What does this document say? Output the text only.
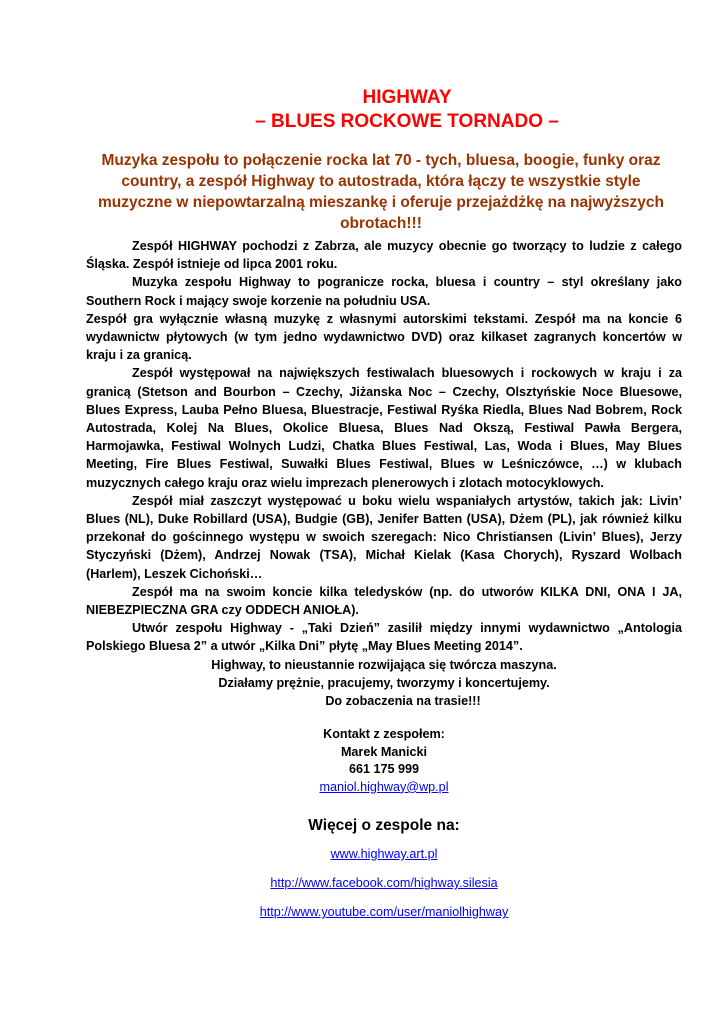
HIGHWAY

– BLUES ROCKOWE TORNADO –

Muzyka zespołu to połączenie rocka lat 70 - tych, bluesa, boogie, funky oraz country, a zespół Highway to autostrada, która łączy te wszystkie style muzyczne w niepowtarzalną mieszankę i oferuje przejażdżkę na najwyższych obrotach!!!

Zespół HIGHWAY pochodzi z Zabrza, ale muzycy obecnie go tworzący to ludzie z całego Śląska. Zespół istnieje od lipca 2001 roku.

Muzyka zespołu Highway to pogranicze rocka, bluesa i country – styl określany jako Southern Rock i mający swoje korzenie na południu USA.

Zespół gra wyłącznie własną muzykę z własnymi autorskimi tekstami. Zespół ma na koncie 6 wydawnictw płytowych (w tym jedno wydawnictwo DVD) oraz kilkaset zagranych koncertów w kraju i za granicą.

Zespół występował na największych festiwalach bluesowych i rockowych w kraju i za granicą (Stetson and Bourbon – Czechy, Jiżanska Noc – Czechy, Olsztyńskie Noce Bluesowe, Blues Express, Lauba Pełno Bluesa, Bluestracje, Festiwal Ryśka Riedla, Blues Nad Bobrem, Rock Autostrada, Kolej Na Blues, Okolice Bluesa, Blues Nad Okszą, Festiwal Pawła Bergera, Harmojawka, Festiwal Wolnych Ludzi, Chatka Blues Festiwal, Las, Woda i Blues, May Blues Meeting, Fire Blues Festiwal, Suwałki Blues Festiwal, Blues w Leśniczówce, …) w klubach muzycznych całego kraju oraz wielu imprezach plenerowych i zlotach motocyklowych.

Zespół miał zaszczyt występować u boku wielu wspaniałych artystów, takich jak: Livin’ Blues (NL), Duke Robillard (USA), Budgie (GB), Jenifer Batten (USA), Dżem (PL), jak również kilku przekonał do gościnnego występu w swoich szeregach: Nico Christiansen (Livin’ Blues), Jerzy Styczyński (Dżem), Andrzej Nowak (TSA), Michał Kielak (Kasa Chorych), Ryszard Wolbach (Harlem), Leszek Cichoński…

Zespół ma na swoim koncie kilka teledysków (np. do utworów KILKA DNI, ONA I JA, NIEBEZPIECZNA GRA czy ODDECH ANIOŁA).

Utwór zespołu Highway - „Taki Dzień” zasilił między innymi wydawnictwo „Antologia Polskiego Bluesa 2” a utwór „Kilka Dni” płytę „May Blues Meeting 2014”.

Highway, to nieustannie rozwijająca się twórcza maszyna.

Działamy prężnie, pracujemy, tworzymy i koncertujemy.

Do zobaczenia na trasie!!!

Kontakt z zespołem:

Marek Manicki

661 175 999

maniol.highway@wp.pl

Więcej o zespole na:

www.highway.art.pl

http://www.facebook.com/highway.silesia

http://www.youtube.com/user/maniolhighway
